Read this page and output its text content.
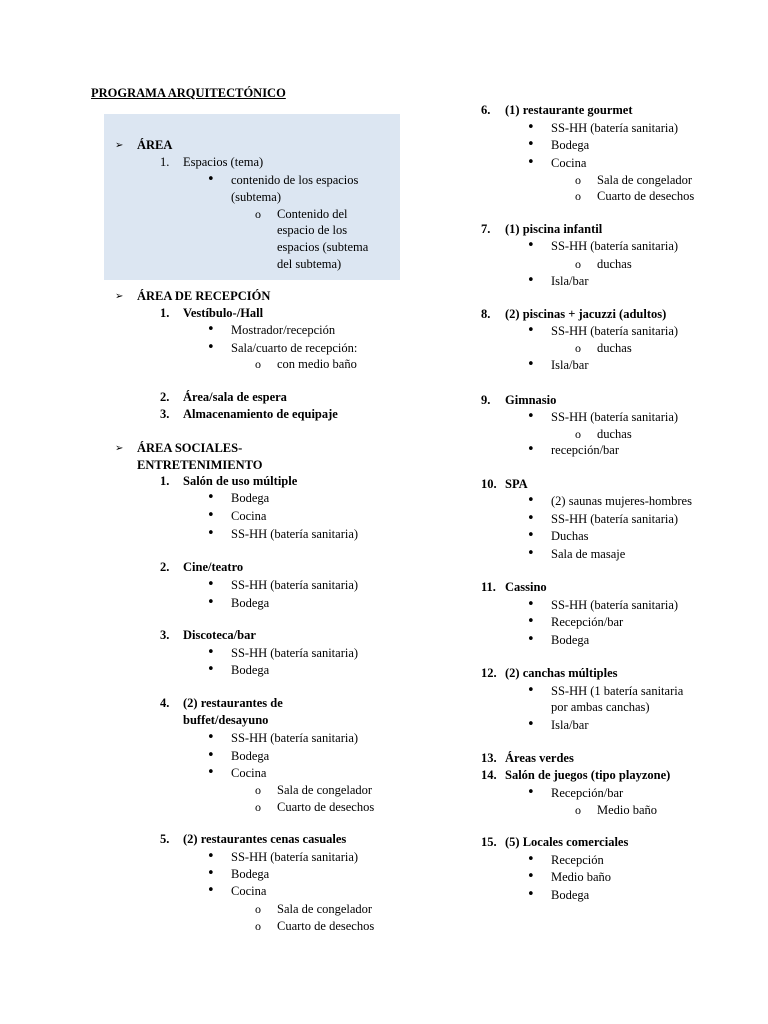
PROGRAMA ARQUITECTÓNICO
➢ ÁREA
1. Espacios (tema)
• contenido de los espacios
(subtema)
o Contenido del
espacio de los
espacios (subtema
del subtema)
➢ ÁREA DE RECEPCIÓN
1. Vestíbulo-/Hall
• Mostrador/recepción
• Sala/cuarto de recepción:
o con medio baño
2. Área/sala de espera
3. Almacenamiento de equipaje
➢ ÁREA SOCIALES-
ENTRETENIMIENTO
1. Salón de uso múltiple
• Bodega
• Cocina
• SS-HH (batería sanitaria)
2. Cine/teatro
• SS-HH (batería sanitaria)
• Bodega
3. Discoteca/bar
• SS-HH (batería sanitaria)
• Bodega
4. (2) restaurantes de
buffet/desayuno
• SS-HH (batería sanitaria)
• Bodega
• Cocina
o Sala de congelador
o Cuarto de desechos
5. (2) restaurantes cenas casuales
• SS-HH (batería sanitaria)
• Bodega
• Cocina
o Sala de congelador
o Cuarto de desechos
6. (1) restaurante gourmet
• SS-HH (batería sanitaria)
• Bodega
• Cocina
o Sala de congelador
o Cuarto de desechos
7. (1) piscina infantil
• SS-HH (batería sanitaria)
o duchas
• Isla/bar
8. (2) piscinas + jacuzzi (adultos)
• SS-HH (batería sanitaria)
o duchas
• Isla/bar
9. Gimnasio
• SS-HH (batería sanitaria)
o duchas
• recepción/bar
10. SPA
• (2) saunas mujeres-hombres
• SS-HH (batería sanitaria)
• Duchas
• Sala de masaje
11. Cassino
• SS-HH (batería sanitaria)
• Recepción/bar
• Bodega
12. (2) canchas múltiples
• SS-HH (1 batería sanitaria
por ambas canchas)
• Isla/bar
13. Áreas verdes
14. Salón de juegos (tipo playzone)
• Recepción/bar
o Medio baño
15. (5) Locales comerciales
• Recepción
• Medio baño
• Bodega
